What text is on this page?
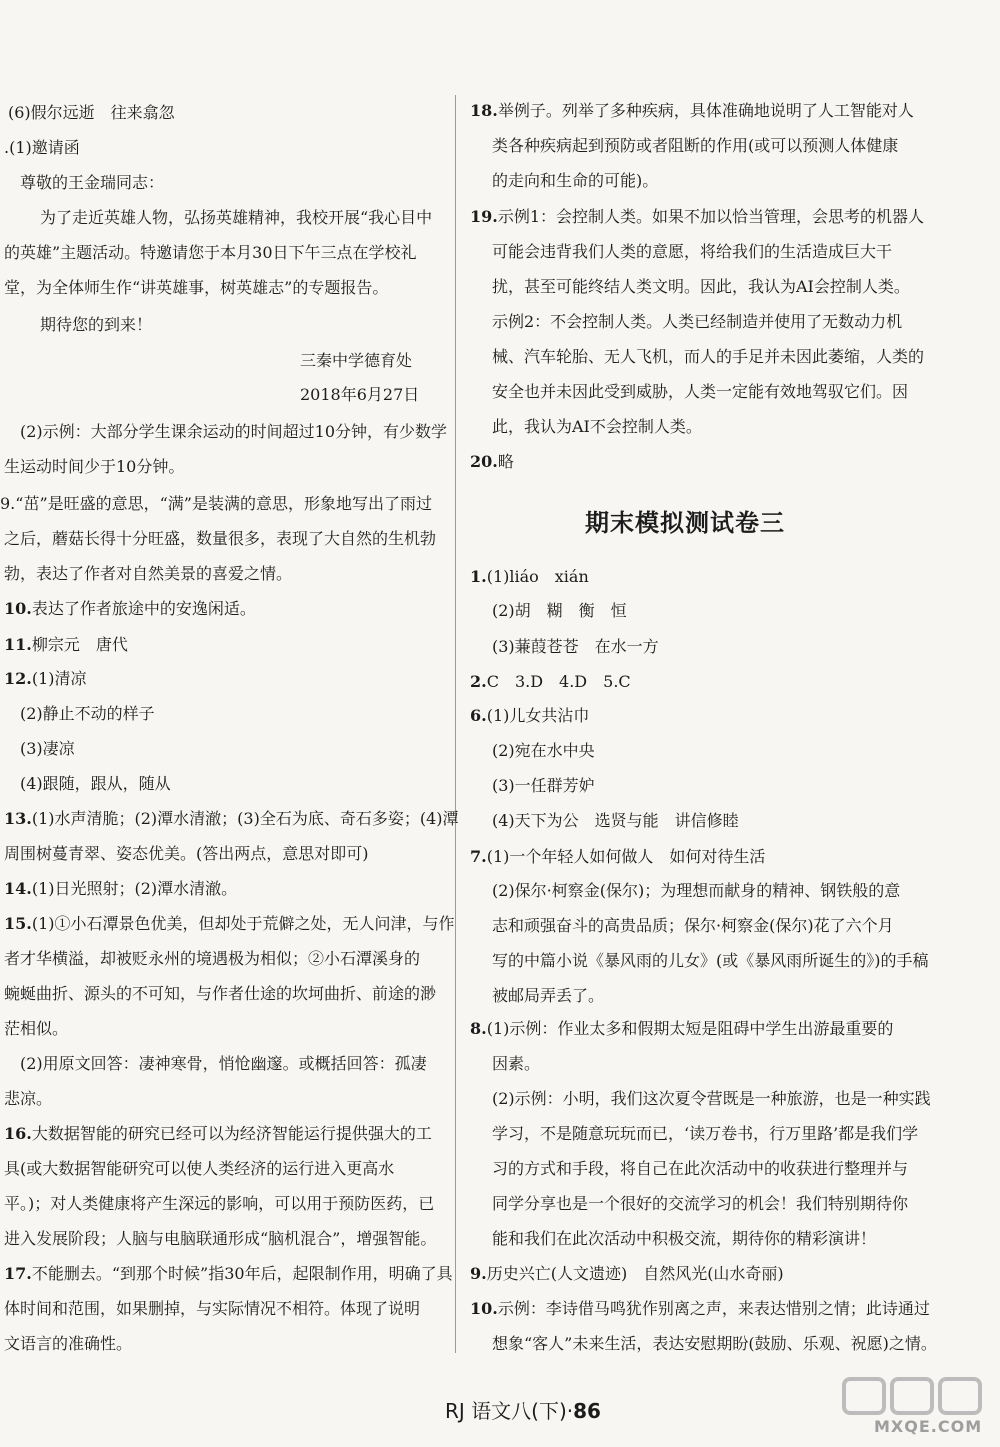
(6)假尔远逝　往来翕忽
.(1)邀请函
尊敬的王金瑞同志：
为了走近英雄人物，弘扬英雄精神，我校开展“我心目中
的英雄”主题活动。特邀请您于本月30日下午三点在学校礼
堂，为全体师生作“讲英雄事，树英雄志”的专题报告。
期待您的到来！
三秦中学德育处
2018年6月27日
(2)示例：大部分学生课余运动的时间超过10分钟，有少数学
生运动时间少于10分钟。
9.“茁”是旺盛的意思，“满”是装满的意思，形象地写出了雨过
之后，蘑菇长得十分旺盛，数量很多，表现了大自然的生机勃
勃，表达了作者对自然美景的喜爱之情。
10.表达了作者旅途中的安逸闲适。
11.柳宗元　唐代
12.(1)清凉
(2)静止不动的样子
(3)凄凉
(4)跟随，跟从，随从
13.(1)水声清脆；(2)潭水清澈；(3)全石为底、奇石多姿；(4)潭
周围树蔓青翠、姿态优美。(答出两点，意思对即可)
14.(1)日光照射；(2)潭水清澈。
15.(1)①小石潭景色优美，但却处于荒僻之处，无人问津，与作
者才华横溢，却被贬永州的境遇极为相似；②小石潭溪身的
蜿蜒曲折、源头的不可知，与作者仕途的坎坷曲折、前途的渺
茫相似。
(2)用原文回答：凄神寒骨，悄怆幽邃。或概括回答：孤凄
悲凉。
16.大数据智能的研究已经可以为经济智能运行提供强大的工
具(或大数据智能研究可以使人类经济的运行进入更高水
平。)；对人类健康将产生深远的影响，可以用于预防医药，已
进入发展阶段；人脑与电脑联通形成“脑机混合”，增强智能。
17.不能删去。“到那个时候”指30年后，起限制作用，明确了具
体时间和范围，如果删掉，与实际情况不相符。体现了说明
文语言的准确性。
18.举例子。列举了多种疾病，具体准确地说明了人工智能对人
类各种疾病起到预防或者阻断的作用(或可以预测人体健康
的走向和生命的可能)。
19.示例1：会控制人类。如果不加以恰当管理，会思考的机器人
可能会违背我们人类的意愿，将给我们的生活造成巨大干
扰，甚至可能终结人类文明。因此，我认为AI会控制人类。
示例2：不会控制人类。人类已经制造并使用了无数动力机
械、汽车轮胎、无人飞机，而人的手足并未因此萎缩，人类的
安全也并未因此受到威胁，人类一定能有效地驾驭它们。因
此，我认为AI不会控制人类。
20.略
1.(1)liáo　xián
(2)胡　糊　衡　恒
(3)蒹葭苍苍　在水一方
2.C　3.D　4.D　5.C
6.(1)儿女共沾巾
(2)宛在水中央
(3)一任群芳妒
(4)天下为公　选贤与能　讲信修睦
7.(1)一个年轻人如何做人　如何对待生活
(2)保尔·柯察金(保尔)；为理想而献身的精神、钢铁般的意
志和顽强奋斗的高贵品质；保尔·柯察金(保尔)花了六个月
写的中篇小说《暴风雨的儿女》(或《暴风雨所诞生的》)的手稿
被邮局弄丢了。
8.(1)示例：作业太多和假期太短是阻碍中学生出游最重要的
因素。
(2)示例：小明，我们这次夏令营既是一种旅游，也是一种实践
学习，不是随意玩玩而已，‘读万卷书，行万里路’都是我们学
习的方式和手段，将自己在此次活动中的收获进行整理并与
同学分享也是一个很好的交流学习的机会！我们特别期待你
能和我们在此次活动中积极交流，期待你的精彩演讲！
9.历史兴亡(人文遗迹)　自然风光(山水奇丽)
10.示例：李诗借马鸣犹作别离之声，来表达惜别之情；此诗通过
想象“客人”未来生活，表达安慰期盼(鼓励、乐观、祝愿)之情。
期末模拟测试卷三
RJ 语文八(下)·86
MXQE.COM
